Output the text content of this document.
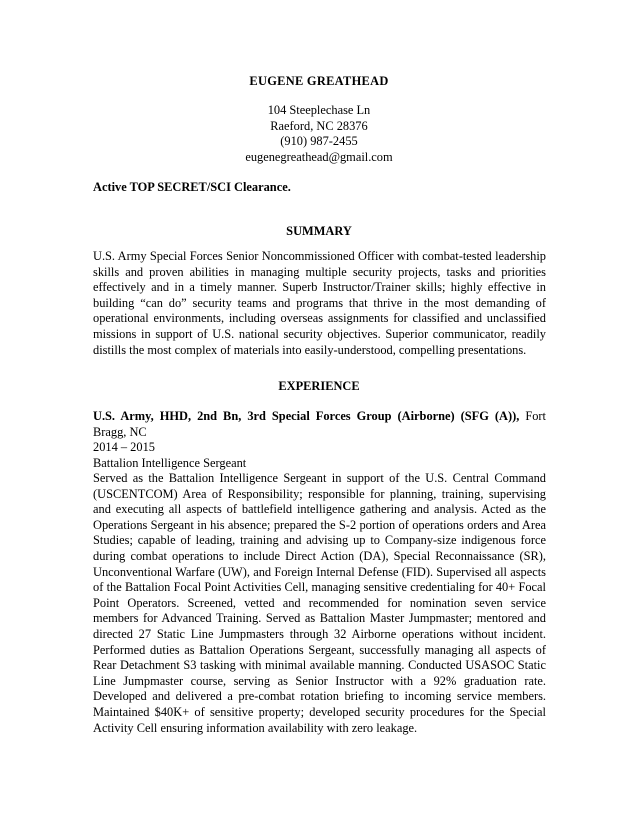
EUGENE GREATHEAD
104 Steeplechase Ln
Raeford, NC 28376
(910) 987-2455
eugenegreathead@gmail.com
Active TOP SECRET/SCI Clearance.
SUMMARY
U.S. Army Special Forces Senior Noncommissioned Officer with combat-tested leadership skills and proven abilities in managing multiple security projects, tasks and priorities effectively and in a timely manner. Superb Instructor/Trainer skills; highly effective in building “can do” security teams and programs that thrive in the most demanding of operational environments, including overseas assignments for classified and unclassified missions in support of U.S. national security objectives. Superior communicator, readily distills the most complex of materials into easily-understood, compelling presentations.
EXPERIENCE
U.S. Army, HHD, 2nd Bn, 3rd Special Forces Group (Airborne) (SFG (A)), Fort Bragg, NC
2014 – 2015
Battalion Intelligence Sergeant
Served as the Battalion Intelligence Sergeant in support of the U.S. Central Command (USCENTCOM) Area of Responsibility; responsible for planning, training, supervising and executing all aspects of battlefield intelligence gathering and analysis. Acted as the Operations Sergeant in his absence; prepared the S-2 portion of operations orders and Area Studies; capable of leading, training and advising up to Company-size indigenous force during combat operations to include Direct Action (DA), Special Reconnaissance (SR), Unconventional Warfare (UW), and Foreign Internal Defense (FID). Supervised all aspects of the Battalion Focal Point Activities Cell, managing sensitive credentialing for 40+ Focal Point Operators. Screened, vetted and recommended for nomination seven service members for Advanced Training. Served as Battalion Master Jumpmaster; mentored and directed 27 Static Line Jumpmasters through 32 Airborne operations without incident. Performed duties as Battalion Operations Sergeant, successfully managing all aspects of Rear Detachment S3 tasking with minimal available manning. Conducted USASOC Static Line Jumpmaster course, serving as Senior Instructor with a 92% graduation rate. Developed and delivered a pre-combat rotation briefing to incoming service members. Maintained $40K+ of sensitive property; developed security procedures for the Special Activity Cell ensuring information availability with zero leakage.
